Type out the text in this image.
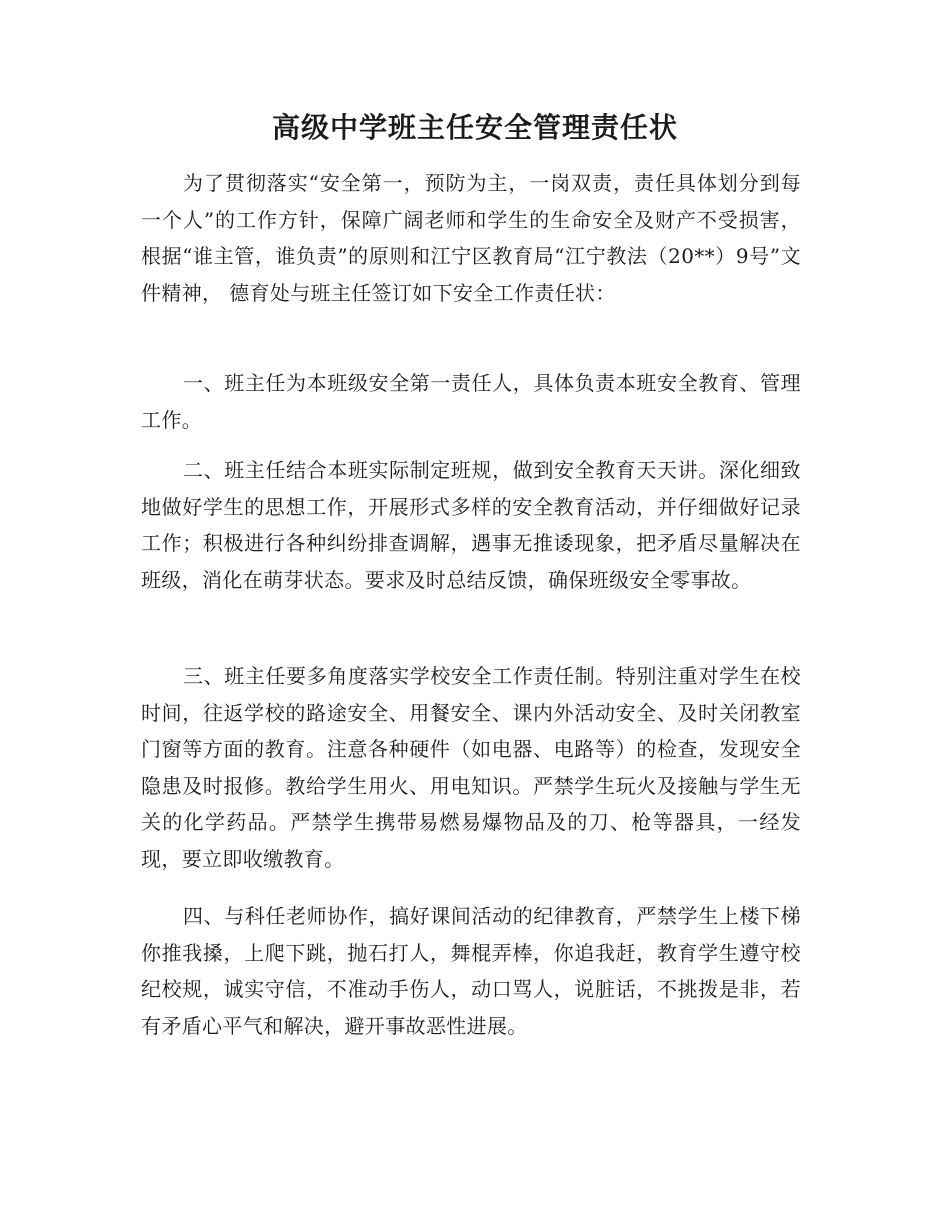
高级中学班主任安全管理责任状

为了贯彻落实“安全第一，预防为主，一岗双责，责任具体划分到每一个人”的工作方针，保障广阔老师和学生的生命安全及财产不受损害，根据“谁主管，谁负责”的原则和江宁区教育局“江宁教法（20**）9号”文件精神， 德育处与班主任签订如下安全工作责任状：

一、班主任为本班级安全第一责任人，具体负责本班安全教育、管理工作。

二、班主任结合本班实际制定班规，做到安全教育天天讲。深化细致地做好学生的思想工作，开展形式多样的安全教育活动，并仔细做好记录工作；积极进行各种纠纷排查调解，遇事无推诿现象，把矛盾尽量解决在班级，消化在萌芽状态。要求及时总结反馈，确保班级安全零事故。

三、班主任要多角度落实学校安全工作责任制。特别注重对学生在校时间，往返学校的路途安全、用餐安全、课内外活动安全、及时关闭教室门窗等方面的教育。注意各种硬件（如电器、电路等）的检查，发现安全隐患及时报修。教给学生用火、用电知识。严禁学生玩火及接触与学生无关的化学药品。严禁学生携带易燃易爆物品及的刀、枪等器具，一经发现，要立即收缴教育。

四、与科任老师协作，搞好课间活动的纪律教育，严禁学生上楼下梯你推我搡，上爬下跳，抛石打人，舞棍弄棒，你追我赶，教育学生遵守校纪校规，诚实守信，不准动手伤人，动口骂人，说脏话，不挑拨是非，若有矛盾心平气和解决，避开事故恶性进展。
